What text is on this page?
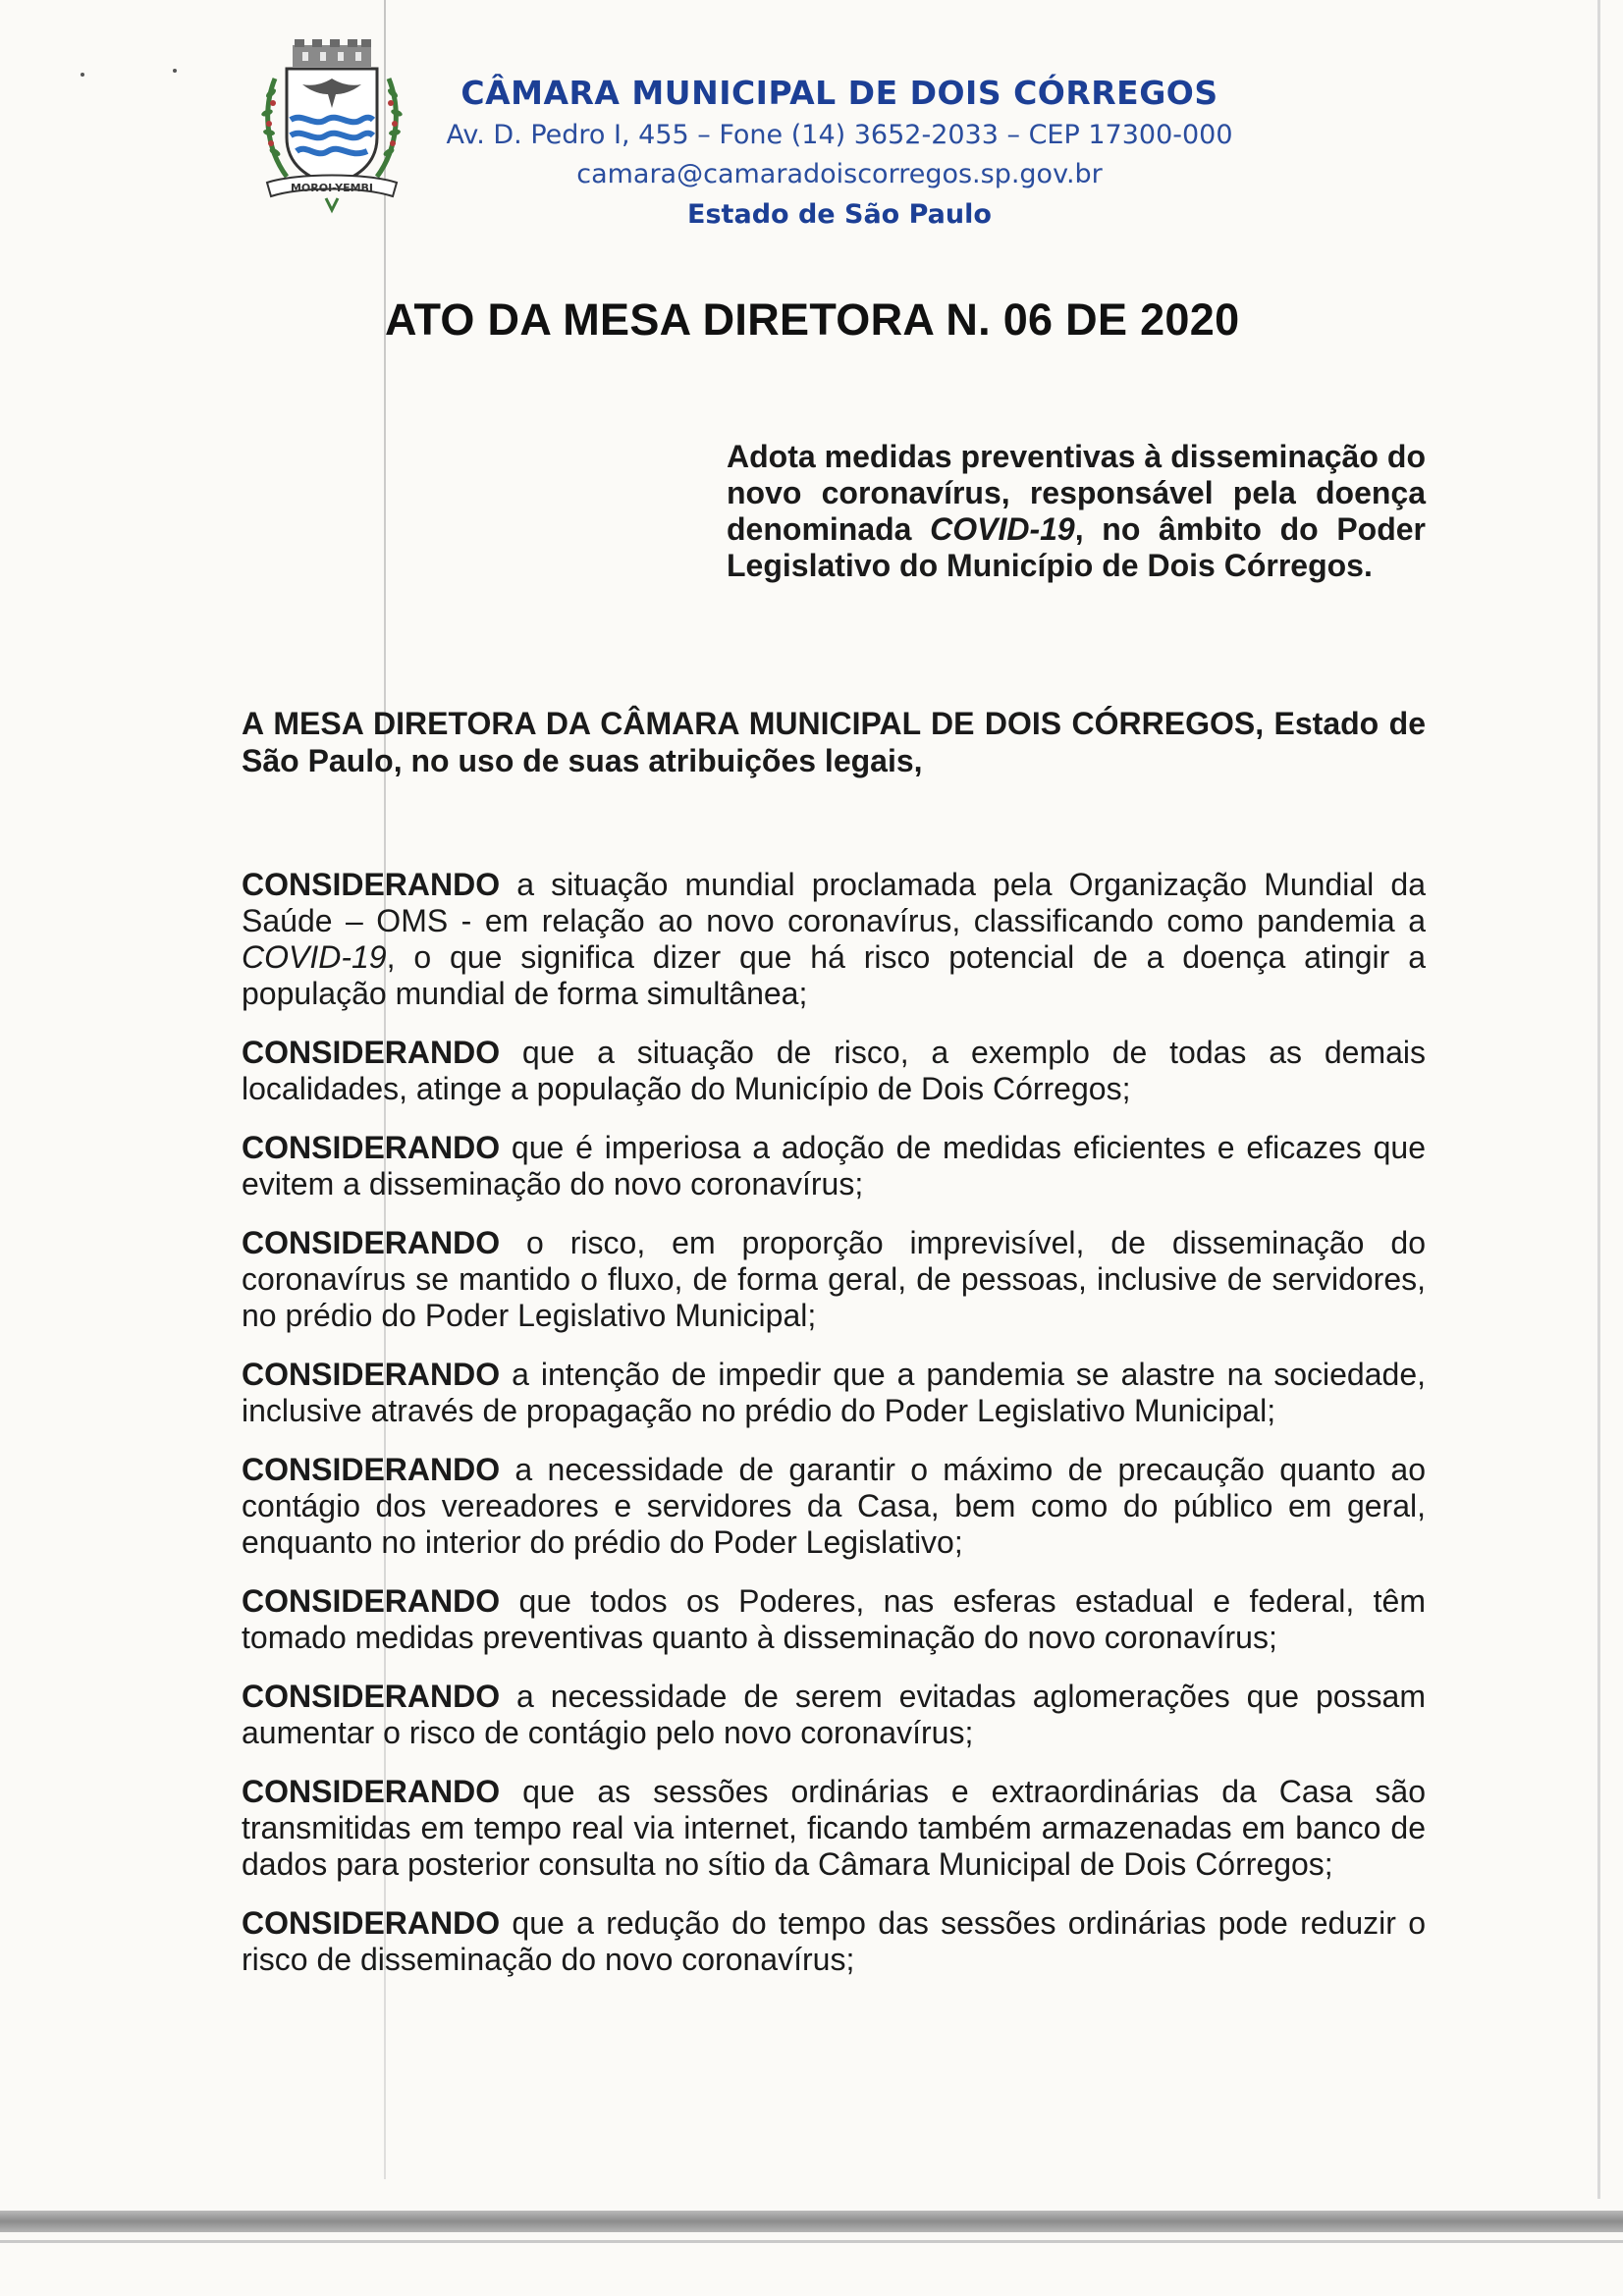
MOROI-YEMBI
CÂMARA MUNICIPAL DE DOIS CÓRREGOS
Av. D. Pedro I, 455 – Fone (14) 3652-2033 – CEP 17300-000
camara@camaradoiscorregos.sp.gov.br
Estado de São Paulo
ATO DA MESA DIRETORA N. 06 DE 2020
Adota medidas preventivas à disseminação do novo coronavírus, responsável pela doença denominada COVID-19, no âmbito do Poder Legislativo do Município de Dois Córregos.
A MESA DIRETORA DA CÂMARA MUNICIPAL DE DOIS CÓRREGOS, Estado de São Paulo, no uso de suas atribuições legais,

CONSIDERANDO a situação mundial proclamada pela Organização Mundial da Saúde – OMS - em relação ao novo coronavírus, classificando como pandemia a COVID-19, o que significa dizer que há risco potencial de a doença atingir a população mundial de forma simultânea;

CONSIDERANDO que a situação de risco, a exemplo de todas as demais localidades, atinge a população do Município de Dois Córregos;

CONSIDERANDO que é imperiosa a adoção de medidas eficientes e eficazes que evitem a disseminação do novo coronavírus;

CONSIDERANDO o risco, em proporção imprevisível, de disseminação do coronavírus se mantido o fluxo, de forma geral, de pessoas, inclusive de servidores, no prédio do Poder Legislativo Municipal;

CONSIDERANDO a intenção de impedir que a pandemia se alastre na sociedade, inclusive através de propagação no prédio do Poder Legislativo Municipal;

CONSIDERANDO a necessidade de garantir o máximo de precaução quanto ao contágio dos vereadores e servidores da Casa, bem como do público em geral, enquanto no interior do prédio do Poder Legislativo;

CONSIDERANDO que todos os Poderes, nas esferas estadual e federal, têm tomado medidas preventivas quanto à disseminação do novo coronavírus;

CONSIDERANDO a necessidade de serem evitadas aglomerações que possam aumentar o risco de contágio pelo novo coronavírus;

CONSIDERANDO que as sessões ordinárias e extraordinárias da Casa são transmitidas em tempo real via internet, ficando também armazenadas em banco de dados para posterior consulta no sítio da Câmara Municipal de Dois Córregos;

CONSIDERANDO que a redução do tempo das sessões ordinárias pode reduzir o risco de disseminação do novo coronavírus;
